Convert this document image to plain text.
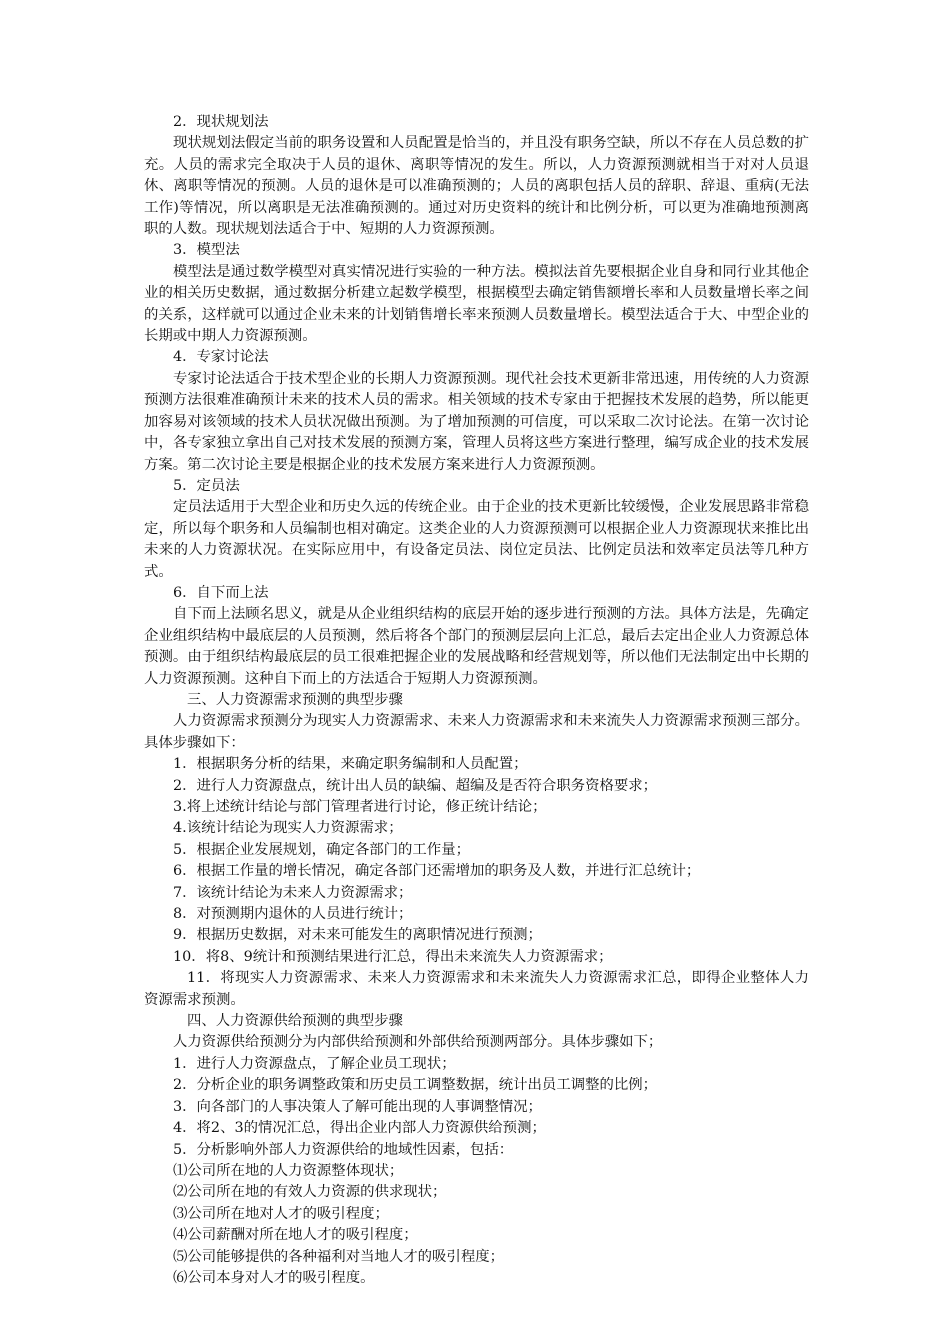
2．现状规划法

现状规划法假定当前的职务设置和人员配置是恰当的，并且没有职务空缺，所以不存在人员总数的扩充。人员的需求完全取决于人员的退休、离职等情况的发生。所以，人力资源预测就相当于对对人员退休、离职等情况的预测。人员的退休是可以准确预测的；人员的离职包括人员的辞职、辞退、重病(无法工作)等情况，所以离职是无法准确预测的。通过对历史资料的统计和比例分析，可以更为准确地预测离职的人数。现状规划法适合于中、短期的人力资源预测。

3．模型法

模型法是通过数学模型对真实情况进行实验的一种方法。模拟法首先要根据企业自身和同行业其他企业的相关历史数据，通过数据分析建立起数学模型，根据模型去确定销售额增长率和人员数量增长率之间的关系，这样就可以通过企业未来的计划销售增长率来预测人员数量增长。模型法适合于大、中型企业的长期或中期人力资源预测。

4．专家讨论法

专家讨论法适合于技术型企业的长期人力资源预测。现代社会技术更新非常迅速，用传统的人力资源预测方法很难准确预计未来的技术人员的需求。相关领域的技术专家由于把握技术发展的趋势，所以能更加容易对该领域的技术人员状况做出预测。为了增加预测的可信度，可以采取二次讨论法。在第一次讨论中，各专家独立拿出自己对技术发展的预测方案，管理人员将这些方案进行整理，编写成企业的技术发展方案。第二次讨论主要是根据企业的技术发展方案来进行人力资源预测。

5．定员法

定员法适用于大型企业和历史久远的传统企业。由于企业的技术更新比较缓慢，企业发展思路非常稳定，所以每个职务和人员编制也相对确定。这类企业的人力资源预测可以根据企业人力资源现状来推比出未来的人力资源状况。在实际应用中，有设备定员法、岗位定员法、比例定员法和效率定员法等几种方式。

6．自下而上法

自下而上法顾名思义，就是从企业组织结构的底层开始的逐步进行预测的方法。具体方法是，先确定企业组织结构中最底层的人员预测，然后将各个部门的预测层层向上汇总，最后去定出企业人力资源总体预测。由于组织结构最底层的员工很难把握企业的发展战略和经营规划等，所以他们无法制定出中长期的人力资源预测。这种自下而上的方法适合于短期人力资源预测。

三、人力资源需求预测的典型步骤

人力资源需求预测分为现实人力资源需求、未来人力资源需求和未来流失人力资源需求预测三部分。具体步骤如下：

1．根据职务分析的结果，来确定职务编制和人员配置；

2．进行人力资源盘点，统计出人员的缺编、超编及是否符合职务资格要求；

3.将上述统计结论与部门管理者进行讨论，修正统计结论；

4.该统计结论为现实人力资源需求；

5．根据企业发展规划，确定各部门的工作量；

6．根据工作量的增长情况，确定各部门还需增加的职务及人数，并进行汇总统计；

7．该统计结论为未来人力资源需求；

8．对预测期内退休的人员进行统计；

9．根据历史数据，对未来可能发生的离职情况进行预测；

10．将8、9统计和预测结果进行汇总，得出未来流失人力资源需求；

11．将现实人力资源需求、未来人力资源需求和未来流失人力资源需求汇总，即得企业整体人力资源需求预测。

四、人力资源供给预测的典型步骤

人力资源供给预测分为内部供给预测和外部供给预测两部分。具体步骤如下；

1．进行人力资源盘点，了解企业员工现状；

2．分析企业的职务调整政策和历史员工调整数据，统计出员工调整的比例；

3．向各部门的人事决策人了解可能出现的人事调整情况；

4．将2、3的情况汇总，得出企业内部人力资源供给预测；

5．分析影响外部人力资源供给的地域性因素，包括：

⑴公司所在地的人力资源整体现状；

⑵公司所在地的有效人力资源的供求现状；

⑶公司所在地对人才的吸引程度；

⑷公司薪酬对所在地人才的吸引程度；

⑸公司能够提供的各种福利对当地人才的吸引程度；

⑹公司本身对人才的吸引程度。
